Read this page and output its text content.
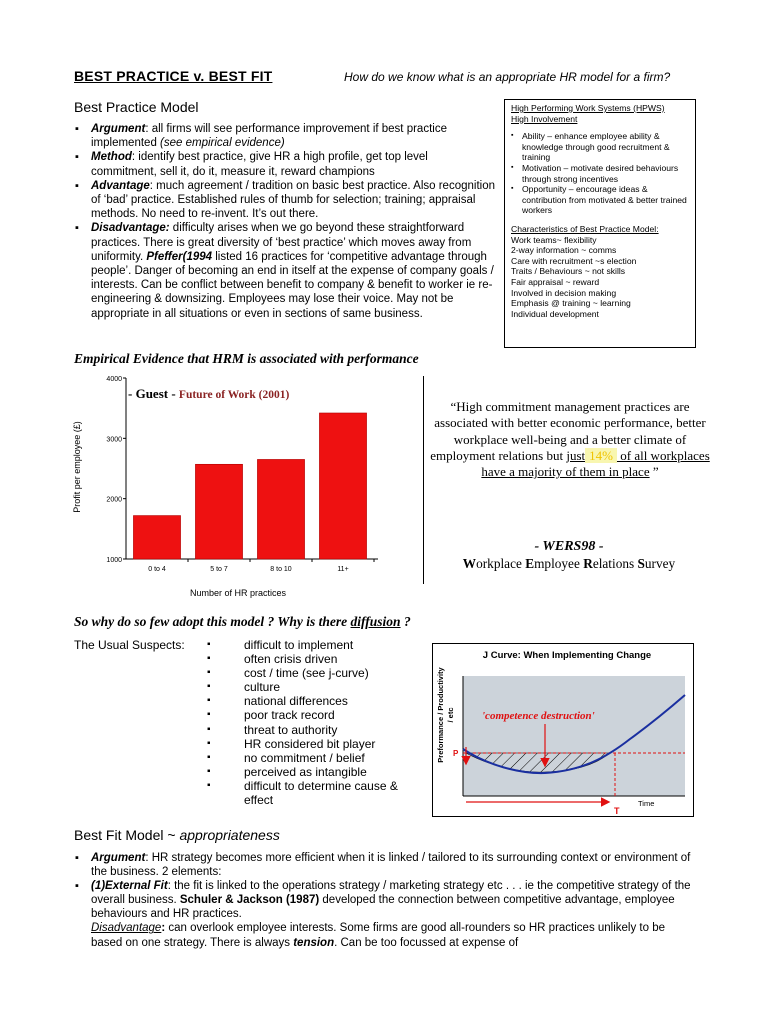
BEST PRACTICE v. BEST FIT	How do we know what is an appropriate HR model for a firm?
Best Practice Model
▪ Argument: all firms will see performance improvement if best practice implemented (see empirical evidence)
▪ Method: identify best practice, give HR a high profile, get top level commitment, sell it, do it, measure it, reward champions
▪ Advantage: much agreement / tradition on basic best practice. Also recognition of ‘bad’ practice. Established rules of thumb for selection; training; appraisal methods. No need to re-invent. It’s out there.
▪ Disadvantage: difficulty arises when we go beyond these straightforward practices. There is great diversity of ‘best practice’ which moves away from uniformity. Pfeffer(1994 listed 16 practices for ‘competitive advantage through people’. Danger of becoming an end in itself at the expense of company goals / interests. Can be conflict between benefit to company & benefit to worker ie re-engineering & downsizing. Employees may lose their voice. May not be appropriate in all situations or even in sections of same business.
High Performing Work Systems (HPWS)
High Involvement
▪ Ability – enhance employee ability & knowledge through good recruitment & training
▪ Motivation – motivate desired behaviours through strong incentives
▪ Opportunity – encourage ideas & contribution from motivated & better trained workers
Characteristics of Best Practice Model:
Work teams~ flexibility
2-way information ~ comms
Care with recruitment ~s election
Traits / Behaviours ~ not skills
Fair appraisal ~ reward
Involved in decision making
Emphasis @ training ~ learning
Individual development
Empirical Evidence that HRM is associated with performance
1000
2000
3000
4000
0 to 4	5 to 7	8 to 10	11+
- Guest - Future of Work (2001)
Profit per employee (£)
Number of HR practices
“High commitment management practices are associated with better economic performance, better workplace well-being and a better climate of employment relations but just 14% of all workplaces
have a majority of them in place ”
- WERS98 -
Workplace Employee Relations Survey
So why do so few adopt this model ? Why is there diffusion ?
The Usual Suspects:
▪	difficult to implement
▪ often crisis driven
▪ cost / time (see j-curve)
▪ culture
▪ national differences
▪ poor track record
▪ threat to authority
▪ HR considered bit player
▪ no commitment / belief
▪ perceived as intangible
▪ difficult to determine cause & effect
J Curve: When Implementing Change
Preformance / Productivity / etc 'competence destruction'
P
T
Time
Best Fit Model ~ appropriateness
▪ Argument: HR strategy becomes more efficient when it is linked / tailored to its surrounding context or environment of the business. 2 elements:
▪ (1)External Fit: the fit is linked to the operations strategy / marketing strategy etc . . . ie the competitive strategy of the overall business. Schuler & Jackson (1987) developed the connection between competitive advantage, employee behaviours and HR practices.
Disadvantage: can overlook employee interests. Some firms are good all-rounders so HR practices unlikely to be based on one strategy. There is always tension. Can be too focussed at expense of
